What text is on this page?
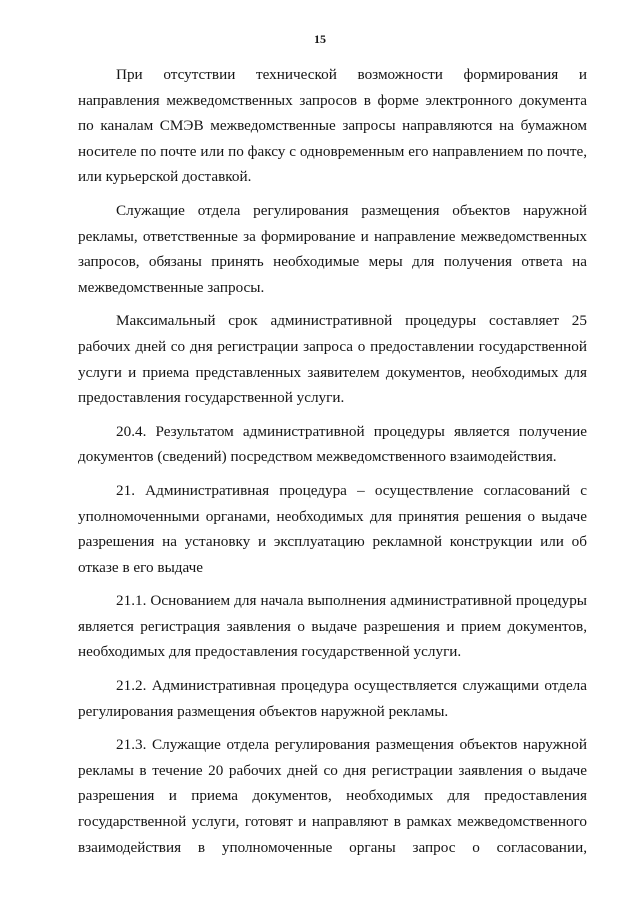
15

При отсутствии технической возможности формирования и направления межведомственных запросов в форме электронного документа по каналам СМЭВ межведомственные запросы направляются на бумажном носителе по почте или по факсу с одновременным его направлением по почте, или курьерской доставкой.

Служащие отдела регулирования размещения объектов наружной рекламы, ответственные за формирование и направление межведомственных запросов, обязаны принять необходимые меры для получения ответа на межведомственные запросы.

Максимальный срок административной процедуры составляет 25 рабочих дней со дня регистрации запроса о предоставлении государственной услуги и приема представленных заявителем документов, необходимых для предоставления государственной услуги.

20.4. Результатом административной процедуры является получение документов (сведений) посредством межведомственного взаимодействия.

21. Административная процедура – осуществление согласований с уполномоченными органами, необходимых для принятия решения о выдаче разрешения на установку и эксплуатацию рекламной конструкции или об отказе в его выдаче

21.1. Основанием для начала выполнения административной процедуры является регистрация заявления о выдаче разрешения и прием документов, необходимых для предоставления государственной услуги.

21.2. Административная процедура осуществляется служащими отдела регулирования размещения объектов наружной рекламы.

21.3. Служащие отдела регулирования размещения объектов наружной рекламы в течение 20 рабочих дней со дня регистрации заявления о выдаче разрешения и приема документов, необходимых для предоставления государственной услуги, готовят и направляют в рамках межведомственного взаимодействия в уполномоченные органы запрос о согласовании,
